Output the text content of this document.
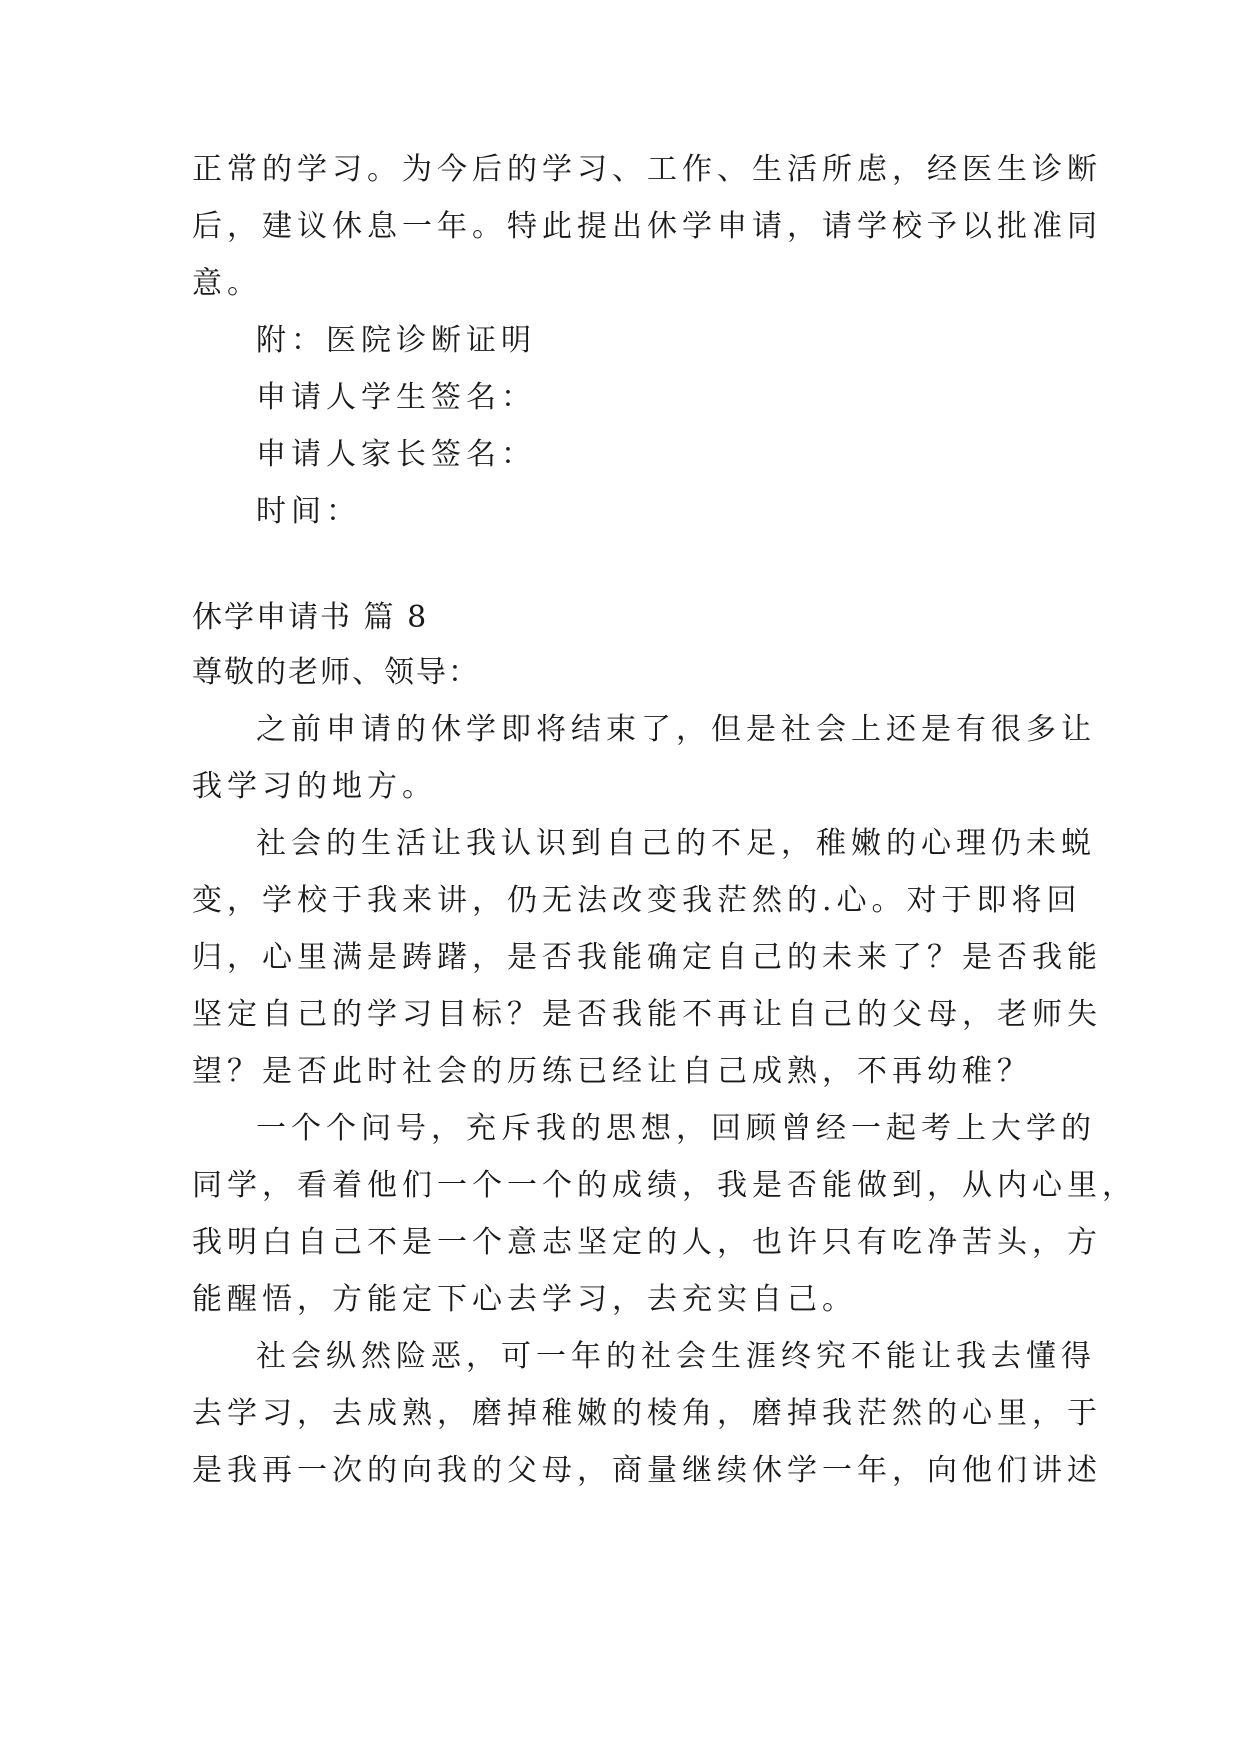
正常的学习。为今后的学习、工作、生活所虑，经医生诊断
后，建议休息一年。特此提出休学申请，请学校予以批准同
意。
附：医院诊断证明
申请人学生签名：
申请人家长签名：
时间：
休学申请书 篇 8
尊敬的老师、领导：
之前申请的休学即将结束了，但是社会上还是有很多让
我学习的地方。
社会的生活让我认识到自己的不足，稚嫩的心理仍未蜕
变，学校于我来讲，仍无法改变我茫然的.心。对于即将回
归，心里满是踌躇，是否我能确定自己的未来了？是否我能
坚定自己的学习目标？是否我能不再让自己的父母，老师失
望？是否此时社会的历练已经让自己成熟，不再幼稚？
一个个问号，充斥我的思想，回顾曾经一起考上大学的
同学，看着他们一个一个的成绩，我是否能做到，从内心里，
我明白自己不是一个意志坚定的人，也许只有吃净苦头，方
能醒悟，方能定下心去学习，去充实自己。
社会纵然险恶，可一年的社会生涯终究不能让我去懂得
去学习，去成熟，磨掉稚嫩的棱角，磨掉我茫然的心里，于
是我再一次的向我的父母，商量继续休学一年，向他们讲述
